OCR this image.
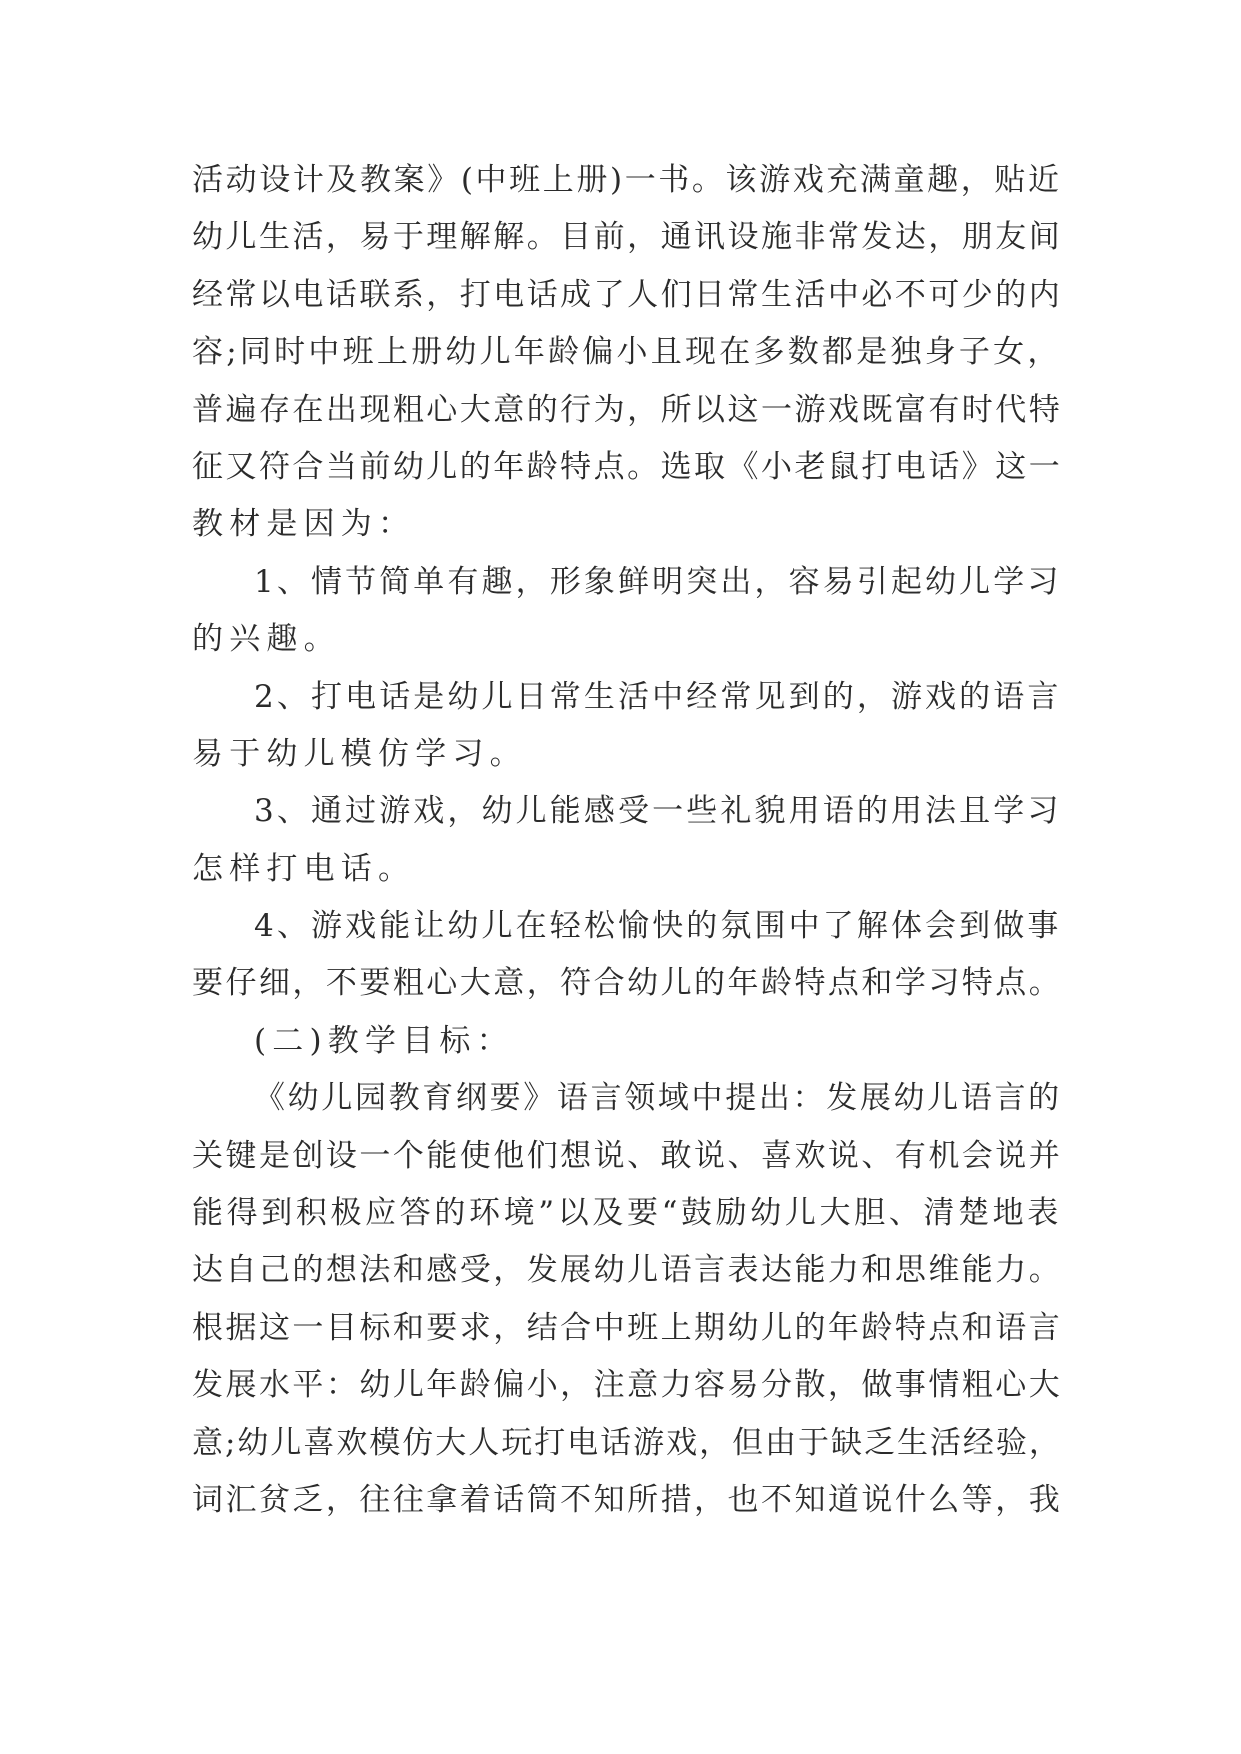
活动设计及教案》(中班上册)一书。该游戏充满童趣，贴近
幼儿生活，易于理解解。目前，通讯设施非常发达，朋友间
经常以电话联系，打电话成了人们日常生活中必不可少的内
容;同时中班上册幼儿年龄偏小且现在多数都是独身子女，
普遍存在出现粗心大意的行为，所以这一游戏既富有时代特
征又符合当前幼儿的年龄特点。选取《小老鼠打电话》这一
教材是因为：
1、情节简单有趣，形象鲜明突出，容易引起幼儿学习
的兴趣。
2、打电话是幼儿日常生活中经常见到的，游戏的语言
易于幼儿模仿学习。
3、通过游戏，幼儿能感受一些礼貌用语的用法且学习
怎样打电话。
4、游戏能让幼儿在轻松愉快的氛围中了解体会到做事
要仔细，不要粗心大意，符合幼儿的年龄特点和学习特点。
(二)教学目标：
《幼儿园教育纲要》语言领域中提出：发展幼儿语言的
关键是创设一个能使他们想说、敢说、喜欢说、有机会说并
能得到积极应答的环境”以及要“鼓励幼儿大胆、清楚地表
达自己的想法和感受，发展幼儿语言表达能力和思维能力。
根据这一目标和要求，结合中班上期幼儿的年龄特点和语言
发展水平：幼儿年龄偏小，注意力容易分散，做事情粗心大
意;幼儿喜欢模仿大人玩打电话游戏，但由于缺乏生活经验，
词汇贫乏，往往拿着话筒不知所措，也不知道说什么等，我
